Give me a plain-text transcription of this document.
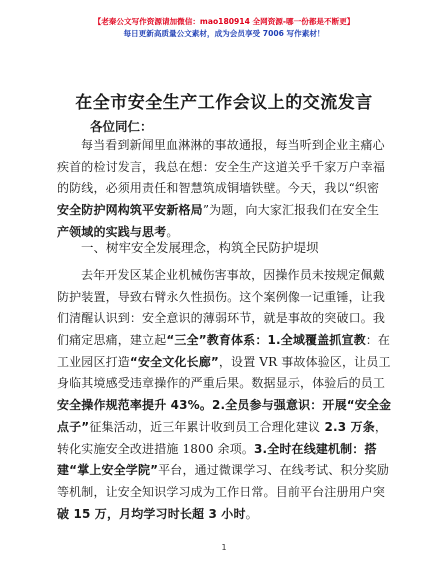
【老秦公文写作资源请加微信：mao180914 全网资源-哪一份都是不断更】
每日更新高质量公文素材，成为会员享受 7006 写作素材！
在全市安全生产工作会议上的交流发言
各位同仁：
每当看到新闻里血淋淋的事故通报，每当听到企业主痛心
疾首的检讨发言，我总在想：安全生产这道关乎千家万户幸福
的防线，必须用责任和智慧筑成铜墙铁壁。今天，我以“织密
安全防护网构筑平安新格局”为题，向大家汇报我们在安全生
产领域的实践与思考。
一、树牢安全发展理念，构筑全民防护堤坝
去年开发区某企业机械伤害事故，因操作员未按规定佩戴
防护装置，导致右臂永久性损伤。这个案例像一记重锤，让我
们清醒认识到：安全意识的薄弱环节，就是事故的突破口。我
们痛定思痛，建立起“三全”教育体系：1.全域覆盖抓宣教：在
工业园区打造“安全文化长廊”，设置 VR 事故体验区，让员工
身临其境感受违章操作的严重后果。数据显示，体验后的员工
安全操作规范率提升 43%。2.全员参与强意识：开展“安全金
点子”征集活动，近三年累计收到员工合理化建议 2.3 万条，
转化实施安全改进措施 1800 余项。3.全时在线建机制：搭
建“掌上安全学院”平台，通过微课学习、在线考试、积分奖励
等机制，让安全知识学习成为工作日常。目前平台注册用户突
破 15 万，月均学习时长超 3 小时。
1
